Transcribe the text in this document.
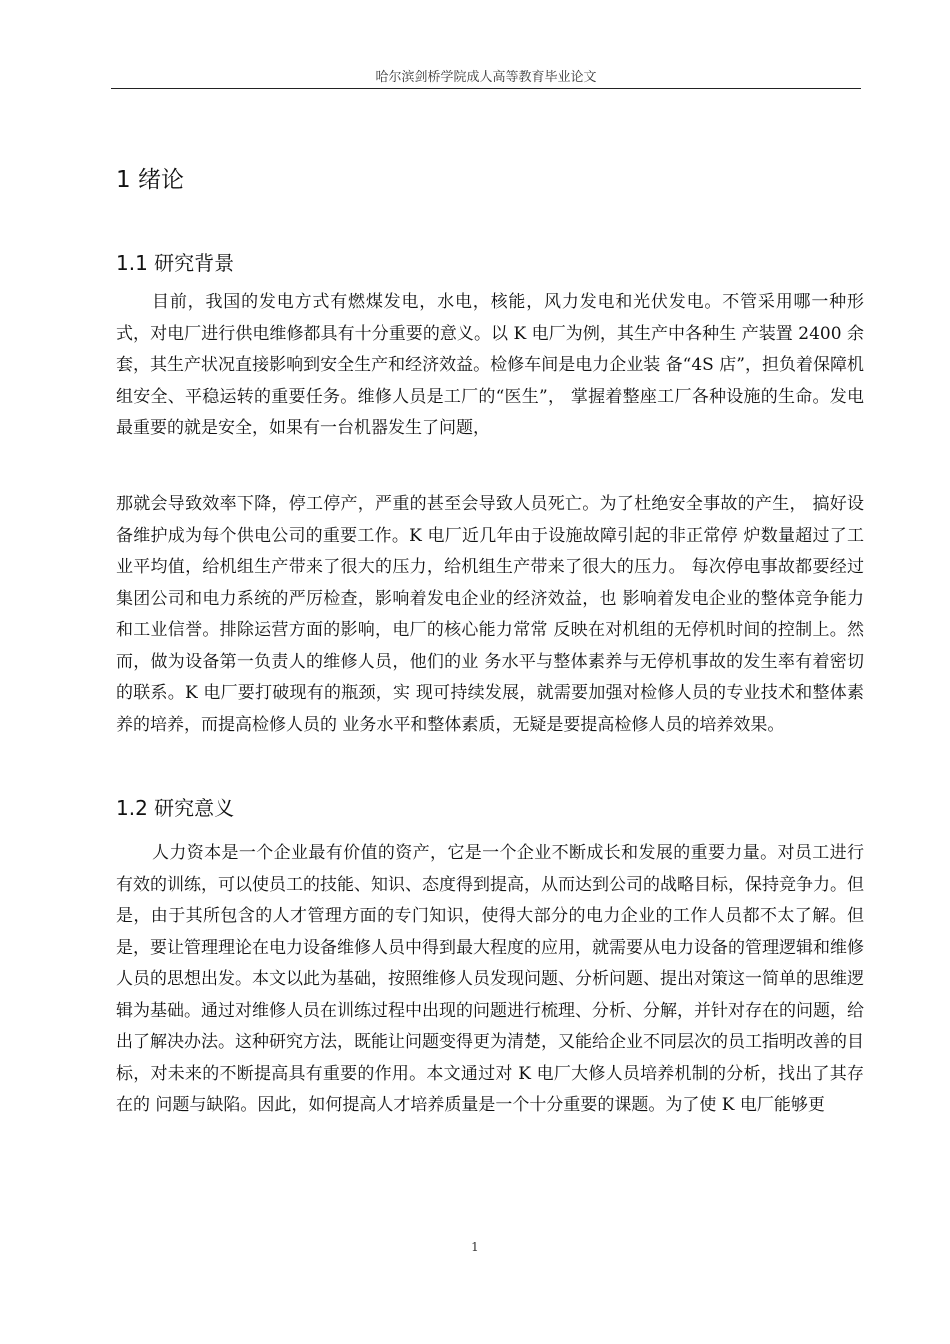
哈尔滨剑桥学院成人高等教育毕业论文
1 绪论
1.1 研究背景

目前，我国的发电方式有燃煤发电，水电，核能，风力发电和光伏发电。不管采用哪一种形式，对电厂进行供电维修都具有十分重要的意义。以 K 电厂为例，其生产中各种生 产装置 2400 余套，其生产状况直接影响到安全生产和经济效益。检修车间是电力企业装 备“4S 店”，担负着保障机组安全、平稳运转的重要任务。维修人员是工厂的“医生”， 掌握着整座工厂各种设施的生命。发电最重要的就是安全，如果有一台机器发生了问题，

那就会导致效率下降，停工停产，严重的甚至会导致人员死亡。为了杜绝安全事故的产生， 搞好设备维护成为每个供电公司的重要工作。K 电厂近几年由于设施故障引起的非正常停 炉数量超过了工业平均值，给机组生产带来了很大的压力，给机组生产带来了很大的压力。 每次停电事故都要经过集团公司和电力系统的严厉检查，影响着发电企业的经济效益，也 影响着发电企业的整体竞争能力和工业信誉。排除运营方面的影响，电厂的核心能力常常 反映在对机组的无停机时间的控制上。然而，做为设备第一负责人的维修人员，他们的业 务水平与整体素养与无停机事故的发生率有着密切的联系。K 电厂要打破现有的瓶颈，实 现可持续发展，就需要加强对检修人员的专业技术和整体素养的培养，而提高检修人员的 业务水平和整体素质，无疑是要提高检修人员的培养效果。

1.2 研究意义

人力资本是一个企业最有价值的资产，它是一个企业不断成长和发展的重要力量。对员工进行有效的训练，可以使员工的技能、知识、态度得到提高，从而达到公司的战略目标，保持竞争力。但是，由于其所包含的人才管理方面的专门知识，使得大部分的电力企业的工作人员都不太了解。但是，要让管理理论在电力设备维修人员中得到最大程度的应用，就需要从电力设备的管理逻辑和维修人员的思想出发。本文以此为基础，按照维修人员发现问题、分析问题、提出对策这一简单的思维逻辑为基础。通过对维修人员在训练过程中出现的问题进行梳理、分析、分解，并针对存在的问题，给出了解决办法。这种研究方法，既能让问题变得更为清楚，又能给企业不同层次的员工指明改善的目标，对未来的不断提高具有重要的作用。本文通过对 K 电厂大修人员培养机制的分析，找出了其存在的 问题与缺陷。因此，如何提高人才培养质量是一个十分重要的课题。为了使 K 电厂能够更

1
